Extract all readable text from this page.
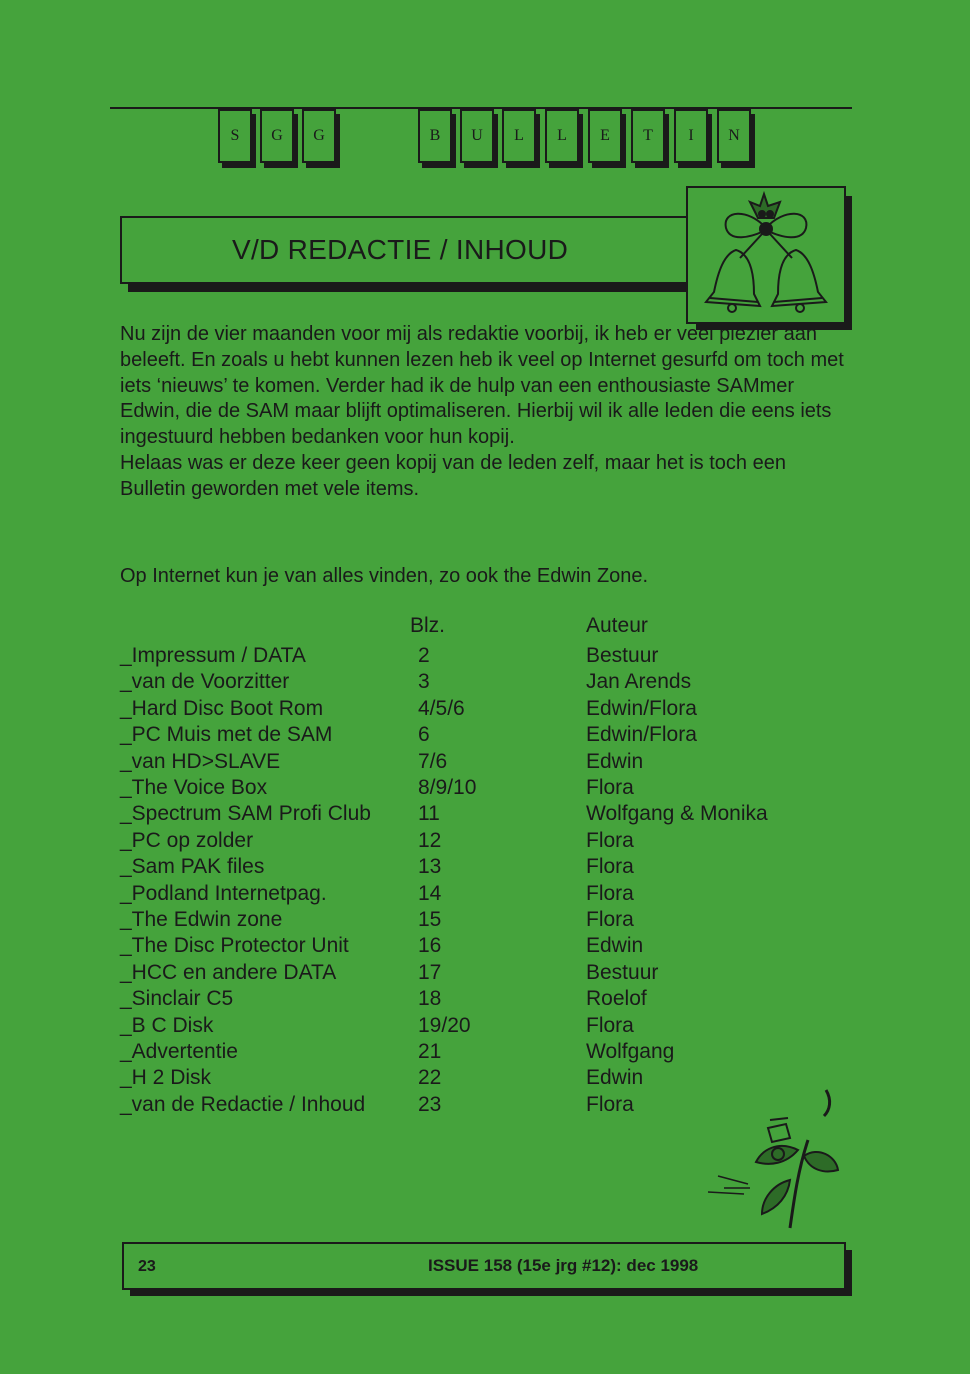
S	G	G	B	U	L	L	E	T	I	N
V/D REDACTIE / INHOUD

Nu zijn de vier maanden voor mij als redaktie voorbij, ik heb er veel plezier aan beleeft. En zoals u hebt kunnen lezen heb ik veel op Internet gesurfd om toch met iets ‘nieuws’ te komen. Verder had ik de hulp van een enthousiaste SAMmer Edwin, die de SAM maar blijft optimaliseren. Hierbij wil ik alle leden die eens iets ingestuurd hebben bedanken voor hun kopij.

Helaas was er deze keer geen kopij van de leden zelf, maar het is toch een Bulletin geworden met vele items.

Op Internet kun je van alles vinden, zo ook the Edwin Zone.
Blz.	Auteur
_Impressum / DATA	2	Bestuur
_van de Voorzitter	3	Jan Arends
_Hard Disc Boot Rom	4/5/6	Edwin/Flora
_PC Muis met de SAM	6	Edwin/Flora
_van HD>SLAVE	7/6	Edwin
_The Voice Box	8/9/10	Flora
_Spectrum SAM Profi Club 11	Wolfgang & Monika
_PC op zolder	12	Flora
_Sam PAK files	13	Flora
_Podland Internetpag.	14	Flora
_The Edwin zone	15	Flora
_The Disc Protector Unit	16	Edwin
_HCC en andere DATA	17	Bestuur
_Sinclair C5	18	Roelof
_B C Disk	19/20	Flora
_Advertentie	21	Wolfgang
_H 2 Disk	22	Edwin
_van de Redactie / Inhoud	23	Flora
23	ISSUE 158 (15e jrg #12): dec 1998
